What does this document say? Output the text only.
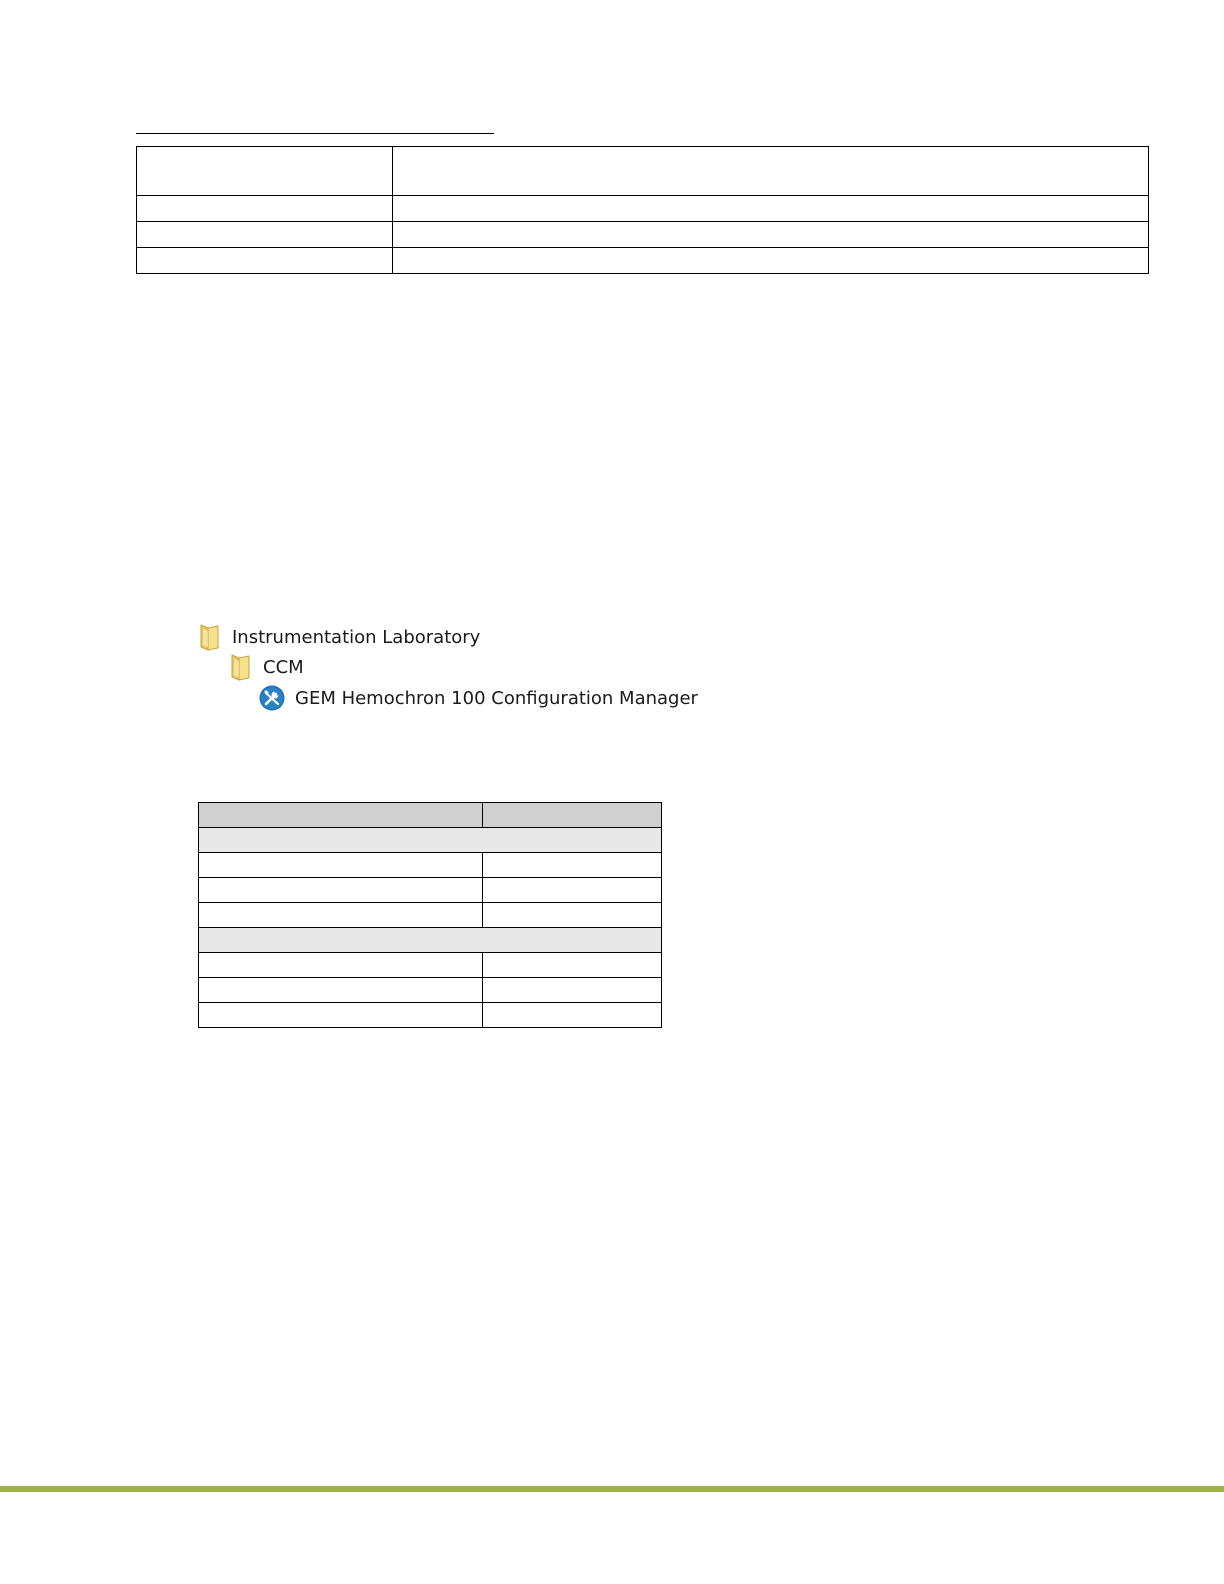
Instrumentation Laboratory
CCM
GEM Hemochron 100 Configuration Manager
